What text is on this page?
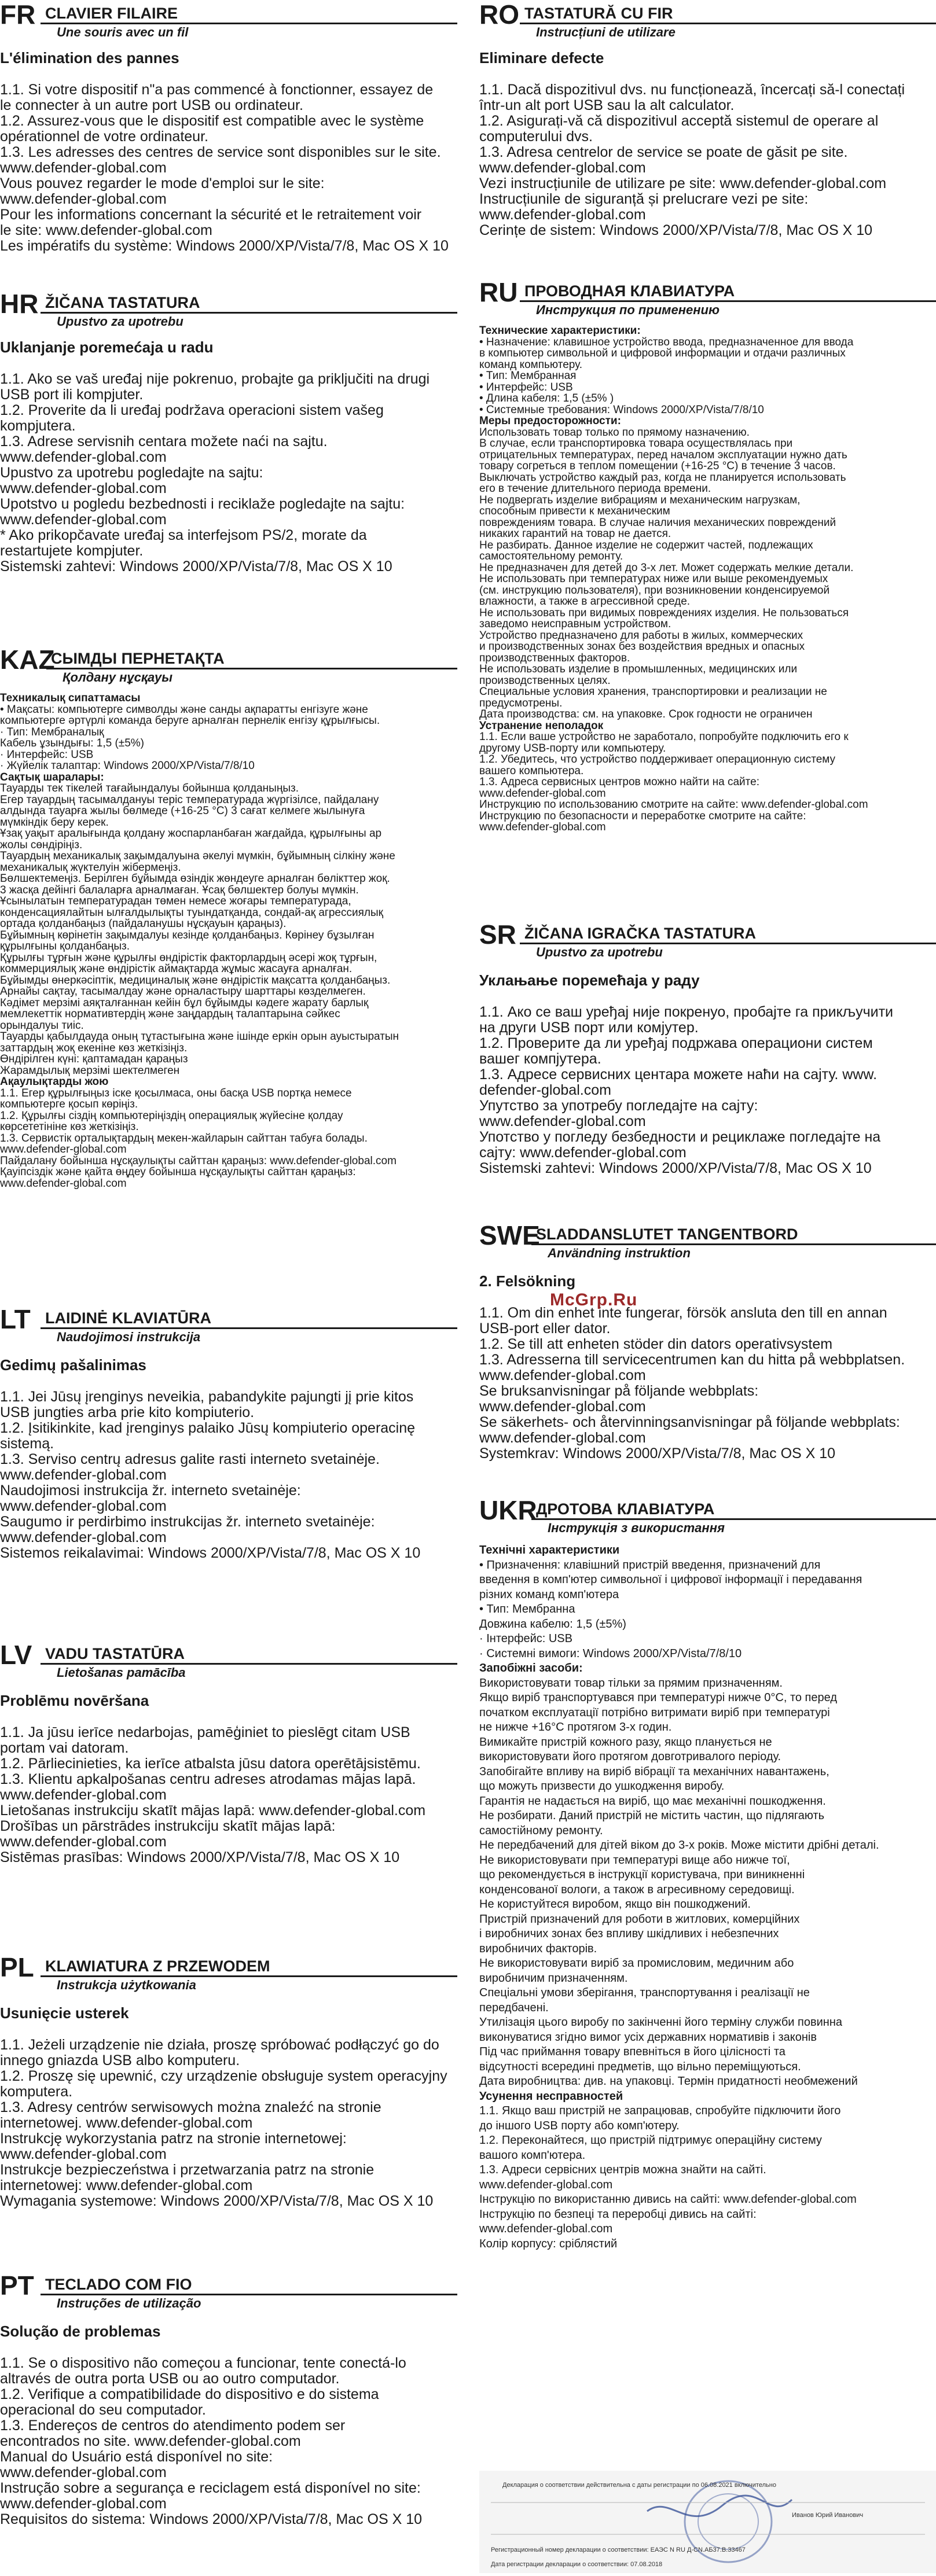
FR CLAVIER FILAIRE
Une souris avec un fil
L'élimination des pannes
1.1. Si votre dispositif n"a pas commencé à fonctionner, essayez de
le connecter à un autre port USB ou ordinateur.
1.2. Assurez-vous que le dispositif est compatible avec le système
opérationnel de votre ordinateur.
1.3. Les adresses des centres de service sont disponibles sur le site.
www.defender-global.com
Vous pouvez regarder le mode d'emploi sur le site:
www.defender-global.com
Pour les informations concernant la sécurité et le retraitement voir
le site: www.defender-global.com
Les impératifs du système: Windows 2000/XP/Vista/7/8, Mac OS X 10
HR ŽIČANA TASTATURA
Upustvo za upotrebu
Uklanjanje poremećaja u radu
1.1. Ako se vaš uređaj nije pokrenuo, probajte ga priključiti na drugi
USB port ili kompjuter.
1.2. Proverite da li uređaj podržava operacioni sistem vašeg
kompjutera.
1.3. Adrese servisnih centara možete naći na sajtu.
www.defender-global.com
Upustvo za upotrebu pogledajte na sajtu:
www.defender-global.com
Upotstvo u pogledu bezbednosti i reciklaže pogledajte na sajtu:
www.defender-global.com
* Ako prikopčavate uređaj sa interfejsom PS/2, morate da
restartujete kompjuter.
Sistemski zahtevi: Windows 2000/XP/Vista/7/8, Mac OS X 10
KAZ
СЫМДЫ ПЕРНЕТАҚТА
Қолдану нұсқауы
Техникалық сипаттамасы
• Мақсаты: компьютерге символды және санды ақпаратты енгізуге және
компьютерге әртүрлі команда беруге арналған пернелік енгізу құрылғысы.
· Тип: Мембраналық
Кабель ұзындығы: 1,5 (±5%)
· Интерфейс: USB
· Жүйелік талаптар: Windows 2000/XP/Vista/7/8/10
Сақтық шаралары:
Тауарды тек тікелей тағайындалуы бойынша қолданыңыз.
Егер тауардың тасымалдануы теріс температурада жүргізілсе, пайдалану
алдында тауарға жылы бөлмеде (+16-25 °С) 3 сағат келмеге жылынуға
мүмкіндік беру керек.
Ұзақ уақыт аралығында қолдану жоспарланбаған жағдайда, құрылғыны ар
жолы сөндіріңіз.
Тауардың механикалық зақымдалуына әкелуі мүмкін, бұйымның сілкіну және
механикалық жүктелуін жібермеңіз.
Бөлшектемеңіз. Берілген бұйымда өзіндік жөндеуге арналған бөлікттер жоқ.
3 жасқа дейінгі балаларға арналмаған. Ұсақ бөлшектер болуы мүмкін.
Ұсынылатын температурадан төмен немесе жоғары температурада,
конденсациялайтын ылғалдылықты туындатқанда, сондай-ақ агрессиялық
ортада қолданбаңыз (пайдаланушы нұсқауын қараңыз).
Бұйымның көрінетін зақымдалуы кезінде қолданбаңыз. Көрінеу бұзылған
құрылғыны қолданбаңыз.
Құрылғы тұрғын және құрылғы өндірістік факторлардың әсері жоқ тұрғын,
коммерциялық және өндірістік аймақтарда жұмыс жасауға арналған.
Бұйымды өнеркәсіптік, медициналық және өндірістік мақсатта қолданбаңыз.
Арнайы сақтау, тасымалдау және орналастыру шарттары көзделмеген.
Кәдімет мерзімі аяқталғаннан кейін бұл бұйымды кәдеге жарату барлық
мемлекеттік нормативтердің және заңдардың талаптарына сәйкес
орындалуы тиіс.
Тауарды қабылдауда оның тұтастығына және ішінде еркін орын ауыстыратын
заттардың жоқ екеніне көз жеткізіңіз.
Өндірілген күні: қаптамадан қараңыз
Жарамдылық мерзімі шектелмеген
Ақаулықтарды жою
1.1. Егер құрылғыңыз іске қосылмаса, оны басқа USB портқа немесе
компьютерге қосып көріңіз.
1.2. Құрылғы сіздің компьютеріңіздің операциялық жүйесіне қолдау
көрсететініне көз жеткізіңіз.
1.3. Сервистік орталықтардың мекен-жайларын сайттан табуға болады.
www.defender-global.com
Пайдалану бойынша нұсқаулықты сайттан қараңыз: www.defender-global.com
Қауіпсіздік және қайта өңдеу бойынша нұсқаулықты сайттан қараңыз:
www.defender-global.com
LT LAIDINĖ KLAVIATŪRA
Naudojimosi instrukcija
Gedimų pašalinimas
1.1. Jei Jūsų įrenginys neveikia, pabandykite pajungti jį prie kitos
USB jungties arba prie kito kompiuterio.
1.2. Įsitikinkite, kad įrenginys palaiko Jūsų kompiuterio operacinę
sistemą.
1.3. Serviso centrų adresus galite rasti interneto svetainėje.
www.defender-global.com
Naudojimosi instrukcija žr. interneto svetainėje:
www.defender-global.com
Saugumo ir perdirbimo instrukcijas žr. interneto svetainėje:
www.defender-global.com
Sistemos reikalavimai: Windows 2000/XP/Vista/7/8, Mac OS X 10
LV VADU TASTATŪRA
Lietošanas pamācība
Problēmu novēršana
1.1. Ja jūsu ierīce nedarbojas, pamēģiniet to pieslēgt citam USB
portam vai datoram.
1.2. Pārliecinieties, ka ierīce atbalsta jūsu datora operētājsistēmu.
1.3. Klientu apkalpošanas centru adreses atrodamas mājas lapā.
www.defender-global.com
Lietošanas instrukciju skatīt mājas lapā: www.defender-global.com
Drošības un pārstrādes instrukciju skatīt mājas lapā:
www.defender-global.com
Sistēmas prasības: Windows 2000/XP/Vista/7/8, Mac OS X 10
PL KLAWIATURA Z PRZEWODEM
Instrukcja użytkowania
Usunięcie usterek
1.1. Jeżeli urządzenie nie działa, proszę spróbować podłączyć go do
innego gniazda USB albo komputeru.
1.2. Proszę się upewnić, czy urządzenie obsługuje system operacyjny
komputera.
1.3. Adresy centrów serwisowych można znaleźć na stronie
internetowej. www.defender-global.com
Instrukcję wykorzystania patrz na stronie internetowej:
www.defender-global.com
Instrukcje bezpieczeństwa i przetwarzania patrz na stronie
internetowej: www.defender-global.com
Wymagania systemowe: Windows 2000/XP/Vista/7/8, Mac OS X 10
PT TECLADO COM FIO
Instruções de utilização
Solução de problemas
1.1. Se o dispositivo não começou a funcionar, tente conectá-lo
altravés de outra porta USB ou ao outro computador.
1.2. Verifique a compatibilidade do dispositivo e do sistema
operacional do seu computador.
1.3. Endereços de centros do atendimento podem ser
encontrados no site. www.defender-global.com
Manual do Usuário está disponível no site:
www.defender-global.com
Instrução sobre a segurança e reciclagem está disponível no site:
www.defender-global.com
Requisitos do sistema: Windows 2000/XP/Vista/7/8, Mac OS X 10
RO TASTATURĂ CU FIR
Instrucțiuni de utilizare
Eliminare defecte
1.1. Dacă dispozitivul dvs. nu funcționează, încercați să-l conectați
într-un alt port USB sau la alt calculator.
1.2. Asigurați-vă că dispozitivul acceptă sistemul de operare al
computerului dvs.
1.3. Adresa centrelor de service se poate de găsit pe site.
www.defender-global.com
Vezi instrucțiunile de utilizare pe site: www.defender-global.com
Instrucțiunile de siguranță și prelucrare vezi pe site:
www.defender-global.com
Cerințe de sistem: Windows 2000/XP/Vista/7/8, Mac OS X 10
RU ПРОВОДНАЯ КЛАВИАТУРА
Инструкция по применению
Технические характеристики:
• Назначение: клавишное устройство ввода, предназначенное для ввода
в компьютер символьной и цифровой информации и отдачи различных
команд компьютеру.
• Тип: Мембранная
• Интерфейс: USB
• Длина кабеля: 1,5 (±5% )
• Системные требования: Windows 2000/XP/Vista/7/8/10
Меры предосторожности:
Использовать товар только по прямому назначению.
В случае, если транспортировка товара осуществлялась при
отрицательных температурах, перед началом эксплуатации нужно дать
товару согреться в теплом помещении (+16-25 °С) в течение 3 часов.
Выключать устройство каждый раз, когда не планируется использовать
его в течение длительного периода времени.
Не подвергать изделие вибрациям и механическим нагрузкам,
способным привести к механическим
повреждениям товара. В случае наличия механических повреждений
никаких гарантий на товар не дается.
Не разбирать. Данное изделие не содержит частей, подлежащих
самостоятельному ремонту.
Не предназначен для детей до 3-х лет. Может содержать мелкие детали.
Не использовать при температурах ниже или выше рекомендуемых
(см. инструкцию пользователя), при возникновении конденсируемой
влажности, а также в агрессивной среде.
Не использовать при видимых повреждениях изделия. Не пользоваться
заведомо неисправным устройством.
Устройство предназначено для работы в жилых, коммерческих
и производственных зонах без воздействия вредных и опасных
производственных факторов.
Не использовать изделие в промышленных, медицинских или
производственных целях.
Специальные условия хранения, транспортировки и реализации не
предусмотрены.
Дата производства: см. на упаковке. Срок годности не ограничен
Устранение неполадок
1.1. Если ваше устройство не заработало, попробуйте подключить его к
другому USB-порту или компьютеру.
1.2. Убедитесь, что устройство поддерживает операционную систему
вашего компьютера.
1.3. Адреса сервисных центров можно найти на сайте:
www.defender-global.com
Инструкцию по использованию смотрите на сайте: www.defender-global.com
Инструкцию по безопасности и переработке смотрите на сайте:
www.defender-global.com
SR ŽIČANA IGRAČKA TASTATURA
Upustvo za upotrebu
Уклањање поремећаја у раду
1.1. Ако се ваш уређај није покренуо, пробајте га прикључити
на други USB порт или комјутер.
1.2. Проверите да ли уређај подржава операциони систем
вашег компјутера.
1.3. Адресе сервисних центара можете наћи на сајту. www.
defender-global.com
Упутство за употребу погледајте на сајту:
www.defender-global.com
Употство у погледу безбедности и рециклаже погледајте на
сајту: www.defender-global.com
Sistemski zahtevi: Windows 2000/XP/Vista/7/8, Mac OS X 10
SWE
SLADDANSLUTET TANGENTBORD
Användning instruktion
2. Felsökning
1.1. Om din enhet inte fungerar, försök ansluta den till en annan
USB-port eller dator.
1.2. Se till att enheten stöder din dators operativsystem
1.3. Adresserna till servicecentrumen kan du hitta på webbplatsen.
www.defender-global.com
Se bruksanvisningar på följande webbplats:
www.defender-global.com
Se säkerhets- och återvinningsanvisningar på följande webbplats:
www.defender-global.com
Systemkrav: Windows 2000/XP/Vista/7/8, Mac OS X 10
UKR
ДРОТОВА КЛАВІАТУРА
Інструкція з використання
Технічні характеристики
• Призначення: клавішний пристрій введення, призначений для
введення в комп'ютер символьної і цифрової інформації і передавання
різних команд комп'ютера
• Тип: Мембранна
Довжина кабелю: 1,5 (±5%)
· Інтерфейс: USB
· Системні вимоги: Windows 2000/XP/Vista/7/8/10
Запобіжні засоби:
Використовувати товар тільки за прямим призначенням.
Якщо виріб транспортувався при температурі нижче 0°С, то перед
початком експлуатації потрібно витримати виріб при температурі
не нижче +16°С протягом 3-х годин.
Вимикайте пристрій кожного разу, якщо планується не
використовувати його протягом довготривалого періоду.
Запобігайте впливу на виріб вібрації та механічних навантажень,
що можуть призвести до ушкодження виробу.
Гарантія не надається на виріб, що має механічні пошкодження.
Не розбирати. Даний пристрій не містить частин, що підлягають
самостійному ремонту.
Не передбачений для дітей віком до 3-х років. Може містити дрібні деталі.
Не використовувати при температурі вище або нижче тої,
що рекомендується в інструкції користувача, при виникненні
конденсованої вологи, а також в агресивному середовищі.
Не користуйтеся виробом, якщо він пошкоджений.
Пристрій призначений для роботи в житлових, комерційних
і виробничих зонах без впливу шкідливих і небезпечних
виробничих факторів.
Не використовувати виріб за промисловим, медичним або
виробничим призначенням.
Спеціальні умови зберігання, транспортування і реалізації не
передбачені.
Утилізація цього виробу по закінченні його терміну служби повинна
виконуватися згідно вимог усіх державних нормативів і законів
Під час приймання товару впевніться в його цілісності та
відсутності всередині предметів, що вільно переміщуються.
Дата виробництва: див. на упаковці. Термін придатності необмежений
Усунення несправностей
1.1. Якщо ваш пристрій не запрацював, спробуйте підключити його
до іншого USB порту або комп'ютеру.
1.2. Переконайтеся, що пристрій підтримує операційну систему
вашого комп'ютера.
1.3. Адреси сервісних центрів можна знайти на сайті.
www.defender-global.com
Інструкцію по використанню дивись на сайті: www.defender-global.com
Інструкцію по безпеці та переробці дивись на сайті:
www.defender-global.com
Колір корпусу: сріблястий
McGrp.Ru
Декларация о соответствии действительна с даты регистрации по 06.08.2021 включительно
Иванов Юрий Иванович
Регистрационный номер декларации о соответствии: ЕАЭС N RU Д-CN.AБ37.В.33467
Дата регистрации декларации о соответствии: 07.08.2018
